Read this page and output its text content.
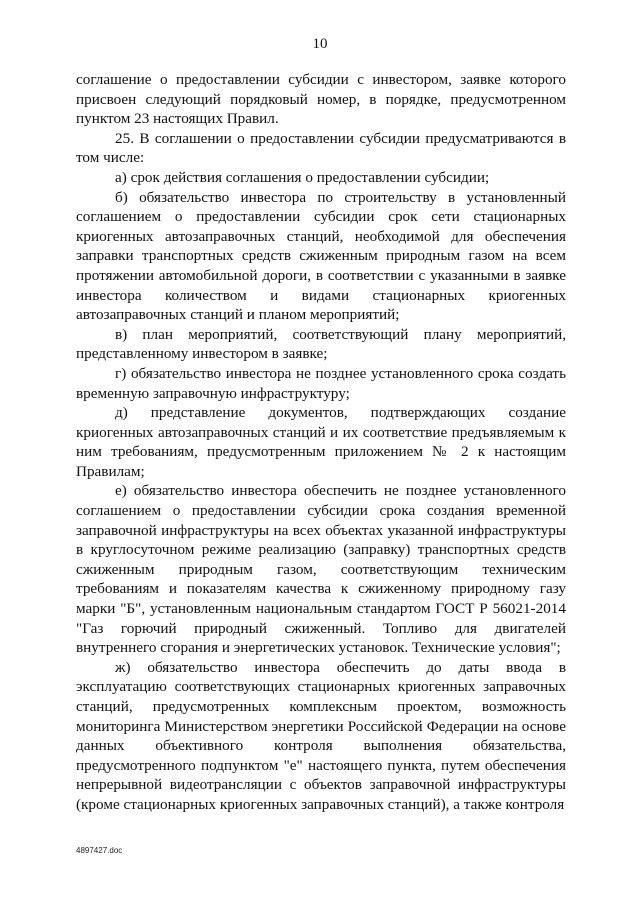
10

соглашение о предоставлении субсидии с инвестором, заявке которого присвоен следующий порядковый номер, в порядке, предусмотренном пунктом 23 настоящих Правил.

25. В соглашении о предоставлении субсидии предусматриваются в том числе:

а) срок действия соглашения о предоставлении субсидии;

б) обязательство инвестора по строительству в установленный соглашением о предоставлении субсидии срок сети стационарных криогенных автозаправочных станций, необходимой для обеспечения заправки транспортных средств сжиженным природным газом на всем протяжении автомобильной дороги, в соответствии с указанными в заявке инвестора количеством и видами стационарных криогенных автозаправочных станций и планом мероприятий;

в) план мероприятий, соответствующий плану мероприятий, представленному инвестором в заявке;

г) обязательство инвестора не позднее установленного срока создать временную заправочную инфраструктуру;

д) представление документов, подтверждающих создание криогенных автозаправочных станций и их соответствие предъявляемым к ним требованиям, предусмотренным приложением № 2 к настоящим Правилам;

е) обязательство инвестора обеспечить не позднее установленного соглашением о предоставлении субсидии срока создания временной заправочной инфраструктуры на всех объектах указанной инфраструктуры в круглосуточном режиме реализацию (заправку) транспортных средств сжиженным природным газом, соответствующим техническим требованиям и показателям качества к сжиженному природному газу марки "Б", установленным национальным стандартом ГОСТ Р 56021-2014 "Газ горючий природный сжиженный. Топливо для двигателей внутреннего сгорания и энергетических установок. Технические условия";

ж) обязательство инвестора обеспечить до даты ввода в эксплуатацию соответствующих стационарных криогенных заправочных станций, предусмотренных комплексным проектом, возможность мониторинга Министерством энергетики Российской Федерации на основе данных объективного контроля выполнения обязательства, предусмотренного подпунктом "е" настоящего пункта, путем обеспечения непрерывной видеотрансляции с объектов заправочной инфраструктуры (кроме стационарных криогенных заправочных станций), а также контроля

4897427.doc
